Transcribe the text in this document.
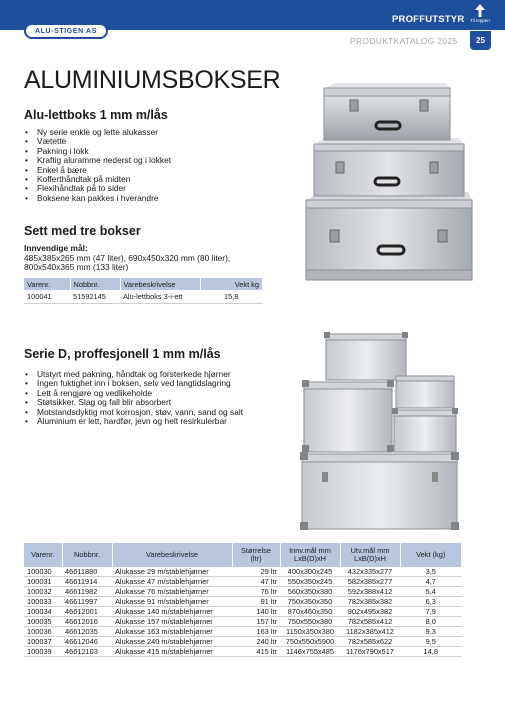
ALU-STIGEN AS
PROFFUTSTYR Til toppen
PRODUKTKATALOG 2025	25
ALUMINIUMSBOKSER
Alu-lettboks 1 mm m/lås
• Ny serie enkle og lette alukasser
• Vætette
• Pakning i lokk
• Kraftig aluramme nederst og i lokket
• Enkel å bære
• Kofferthåndtak på midten
• Flexihåndtak på to sider
• Boksene kan pakkes i hverandre
Sett med tre bokser
Innvendige mål:
485x385x265 mm (47 liter), 690x450x320 mm (80 liter), 800x540x365 mm (133 liter)
Varenr.	Nobbnr.	Varebeskrivelse	Vekt kg
100041	51592145	Alu-lettboks 3-i-ett	15,8
Serie D, proffesjonell 1 mm m/lås
• Utstyrt med pakning, håndtak og forsterkede hjørner
• Ingen fuktighet inn i boksen, selv ved langtidslagring
• Lett å rengjøre og vedlikeholde
• Støtsikker. Slag og fall blir absorbert
• Motstandsdyktig mot korrosjon, støv, vann, sand og salt
• Aluminium er lett, hardfør, jevn og helt resirkulerbar
Varenr.	Nobbnr.	Varebeskrivelse	Størrelse (ltr)	Innv.mål mm LxB(D)xH	Utv.mål mm LxB(D)xH	Vekt (kg)
100030	46611880	Alukasse 29 m/stablehjørner	29 ltr	400x300x245	432x335x277	3,5
100031	46611914	Alukasse 47 m/stablehjørner	47 ltr	550x350x245	582x385x277	4,7
100032	46611982	Alukasse 76 m/stablehjørner	76 ltr	560x350x380	592x388x412	5,4
100033	46611997	Alukasse 91 m/stablehjørner	91 ltr	750x350x350	782x385x382	6,3
100034	46612001	Alukasse 140 m/stablehjørner	140 ltr	870x460x350	902x495x382	7,9
100035	46612016	Alukasse 157 m/stablehjørner	157 ltr	750x550x380	782x585x412	8,0
100036	46612035	Alukasse 163 m/stablehjørner	163 ltr	1150x350x380	1182x385x412	9,3
100037	46612046	Alukasse 240 m/stablehjørner	240 ltr	750x550x5900	782x585x622	9,5
100039	46612103	Alukasse 415 m/stablehjørner	415 ltr	1146x755x485	1176x790x517	14,8
